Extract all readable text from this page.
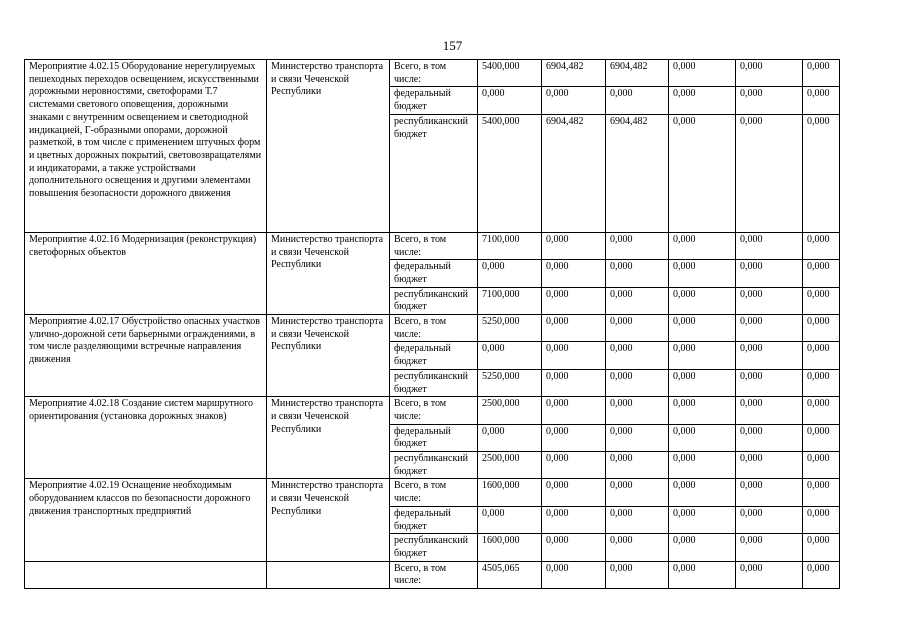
157
Мероприятие 4.02.15 Оборудование нерегулируемых пешеходных переходов освещением, искусственными дорожными неровностями, светофорами Т.7 системами светового оповещения, дорожными знаками с внутренним освещением и светодиодной индикацией, Г-образными опорами, дорожной разметкой, в том числе с применением штучных форм и цветных дорожных покрытий, световозвращателями и индикаторами, а также устройствами дополнительного освещения и другими элементами повышения безопасности дорожного движения	Министерство транспорта и связи Чеченской Республики	Всего, в том числе:	5400,000	6904,482	6904,482	0,000	0,000	0,000	
		федеральный бюджет	0,000	0,000	0,000	0,000	0,000	0,000	
		республиканский бюджет	5400,000	6904,482	6904,482	0,000	0,000	0,000	
Мероприятие 4.02.16 Модернизация (реконструкция) светофорных объектов	Министерство транспорта и связи Чеченской Республики	Всего, в том числе:	7100,000	0,000	0,000	0,000	0,000	0,000	
		федеральный бюджет	0,000	0,000	0,000	0,000	0,000	0,000	
		республиканский бюджет	7100,000	0,000	0,000	0,000	0,000	0,000	
Мероприятие 4.02.17 Обустройство опасных участков улично-дорожной сети барьерными ограждениями, в том числе разделяющими встречные направления движения	Министерство транспорта и связи Чеченской Республики	Всего, в том числе:	5250,000	0,000	0,000	0,000	0,000	0,000	
		федеральный бюджет	0,000	0,000	0,000	0,000	0,000	0,000	
		республиканский бюджет	5250,000	0,000	0,000	0,000	0,000	0,000	
Мероприятие 4.02.18 Создание систем маршрутного ориентирования (установка дорожных знаков)	Министерство транспорта и связи Чеченской Республики	Всего, в том числе:	2500,000	0,000	0,000	0,000	0,000	0,000	
		федеральный бюджет	0,000	0,000	0,000	0,000	0,000	0,000	
		республиканский бюджет	2500,000	0,000	0,000	0,000	0,000	0,000	
Мероприятие 4.02.19 Оснащение необходимым оборудованием классов по безопасности дорожного движения транспортных предприятий	Министерство транспорта и связи Чеченской Республики	Всего, в том числе:	1600,000	0,000	0,000	0,000	0,000	0,000	
		федеральный бюджет	0,000	0,000	0,000	0,000	0,000	0,000	
		республиканский бюджет	1600,000	0,000	0,000	0,000	0,000	0,000	
		Всего, в том числе:	4505,065	0,000	0,000	0,000	0,000	0,000	
